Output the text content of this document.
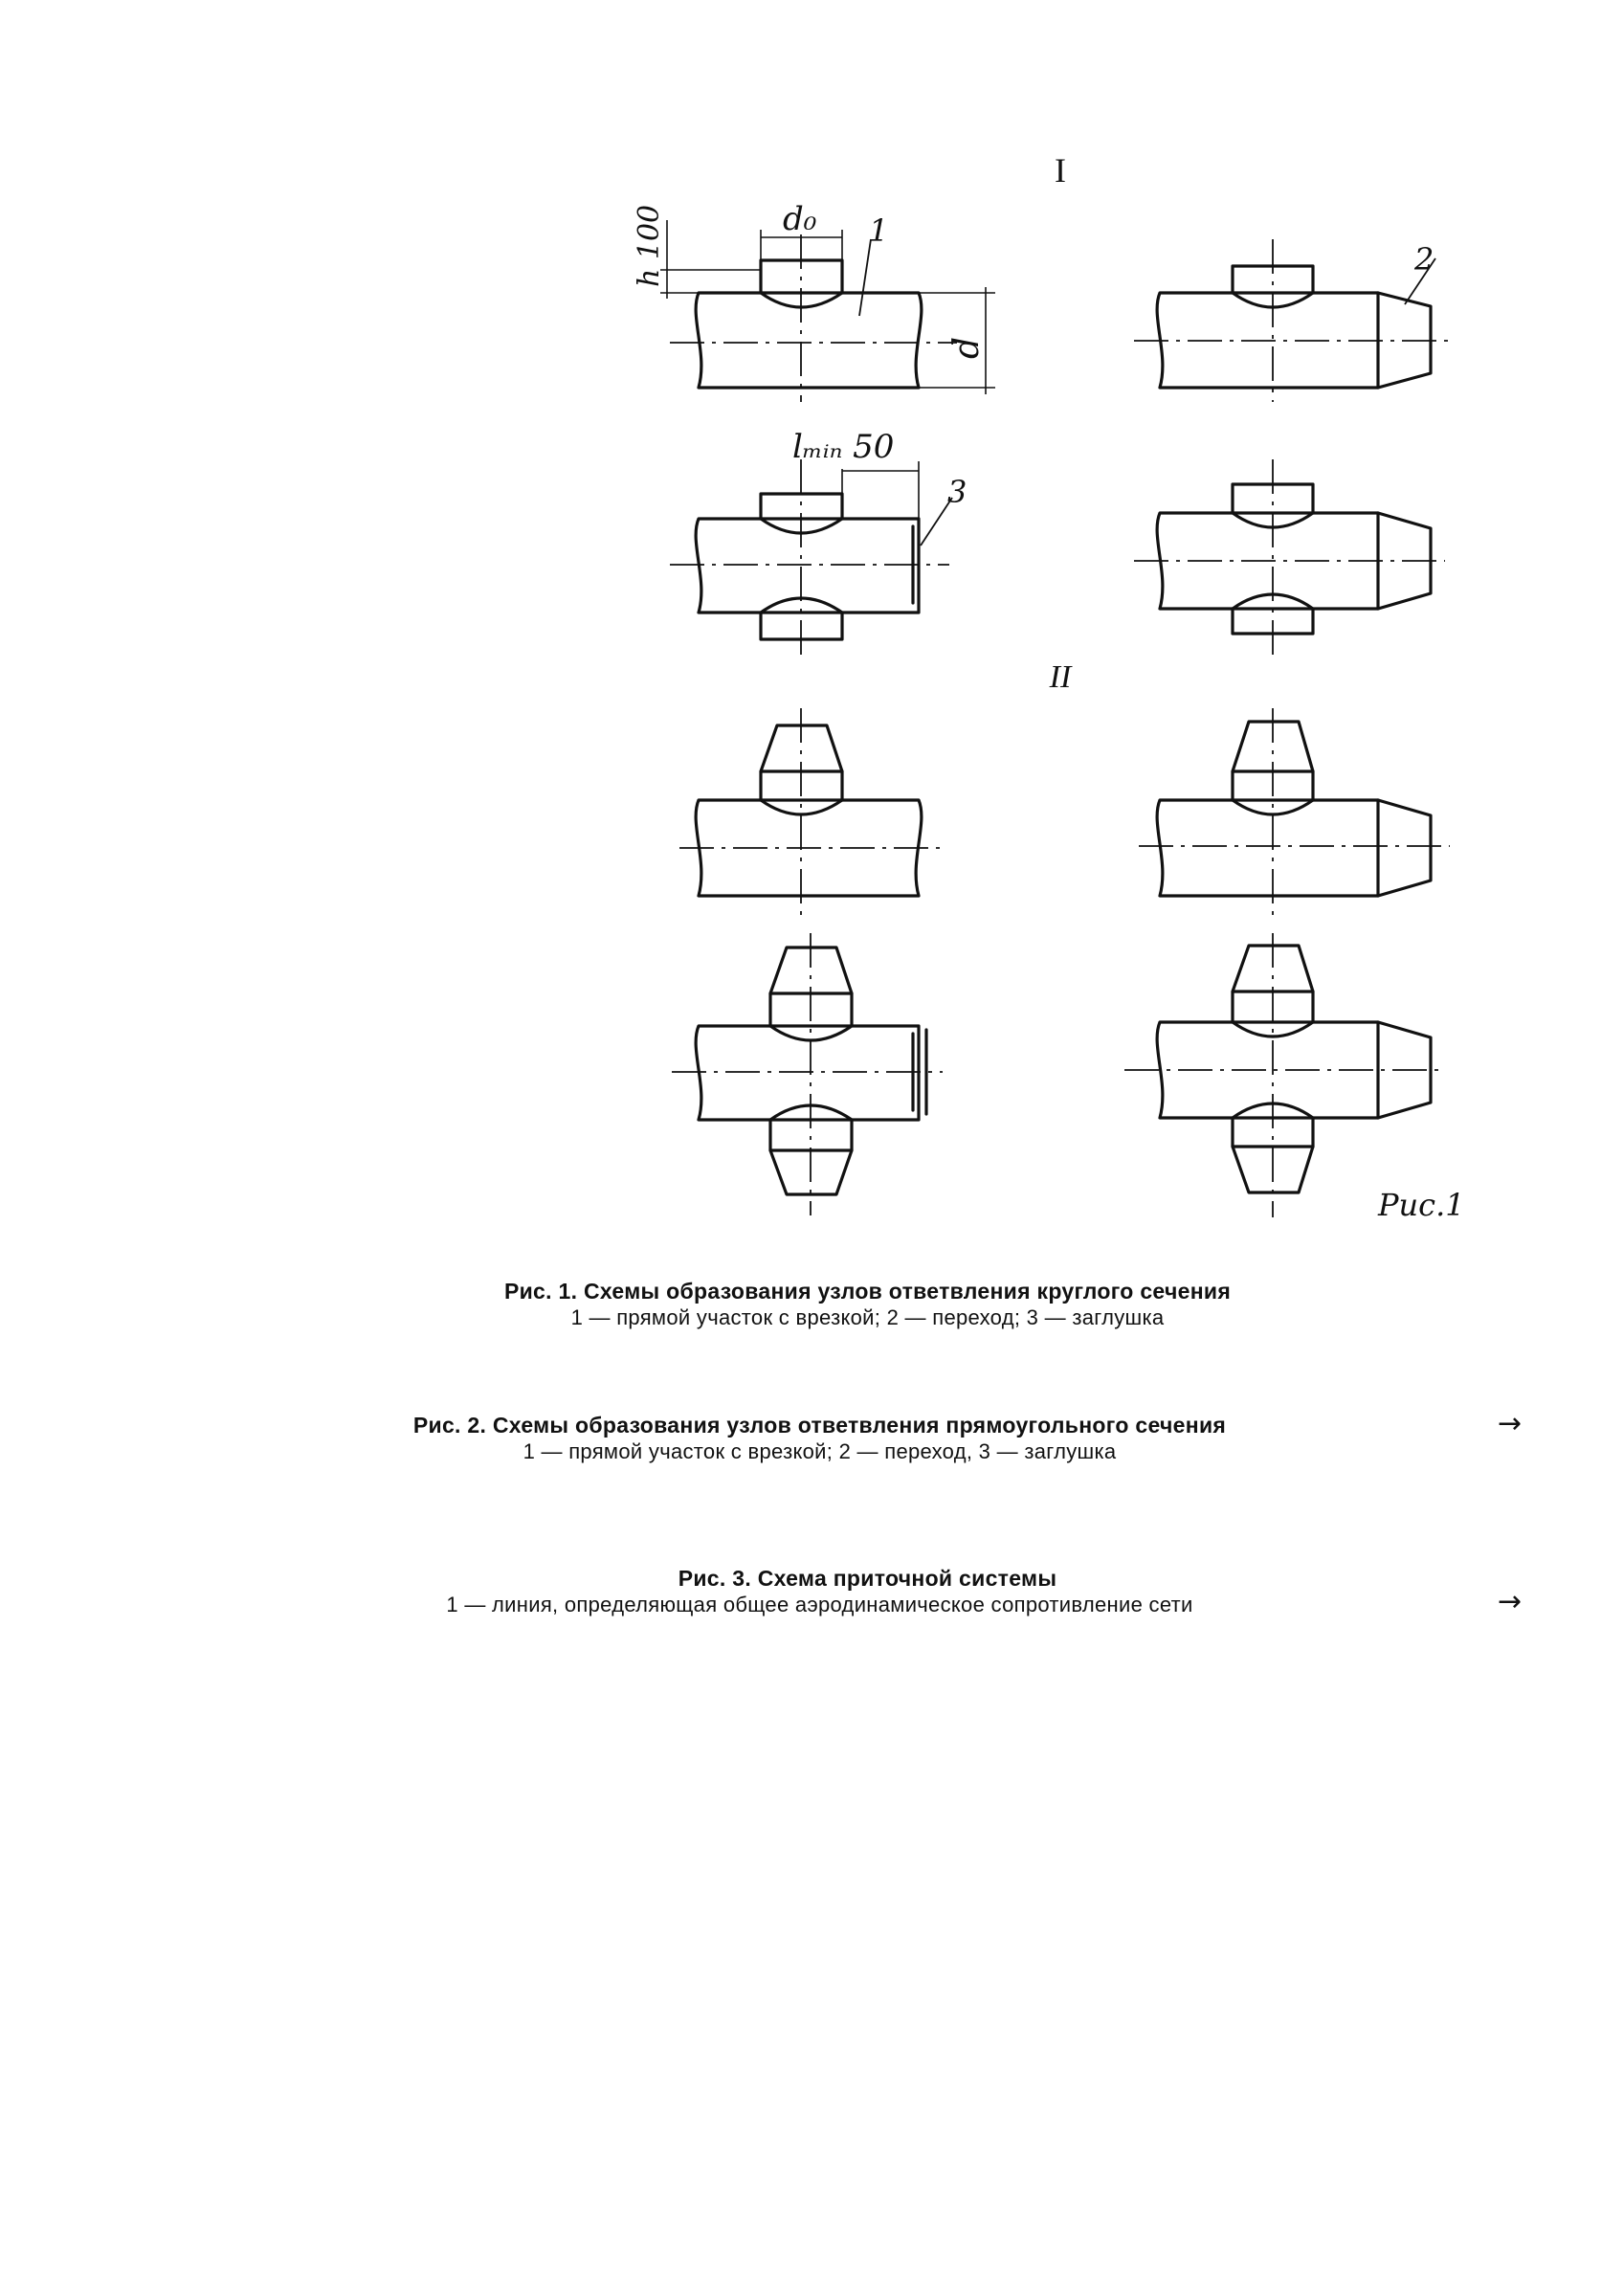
I
d₀
h 100
d
1
2
lₘᵢₙ 50
3
II
Рис.1
Рис. 1. Схемы образования узлов ответвления круглого сечения
1 — прямой участок с врезкой; 2 — переход; 3 — заглушка
Рис. 2. Схемы образования узлов ответвления прямоугольного сечения
1 — прямой участок с врезкой; 2 — переход, 3 — заглушка
→
Рис. 3. Схема приточной системы
1 — линия, определяющая общее аэродинамическое сопротивление сети	→
